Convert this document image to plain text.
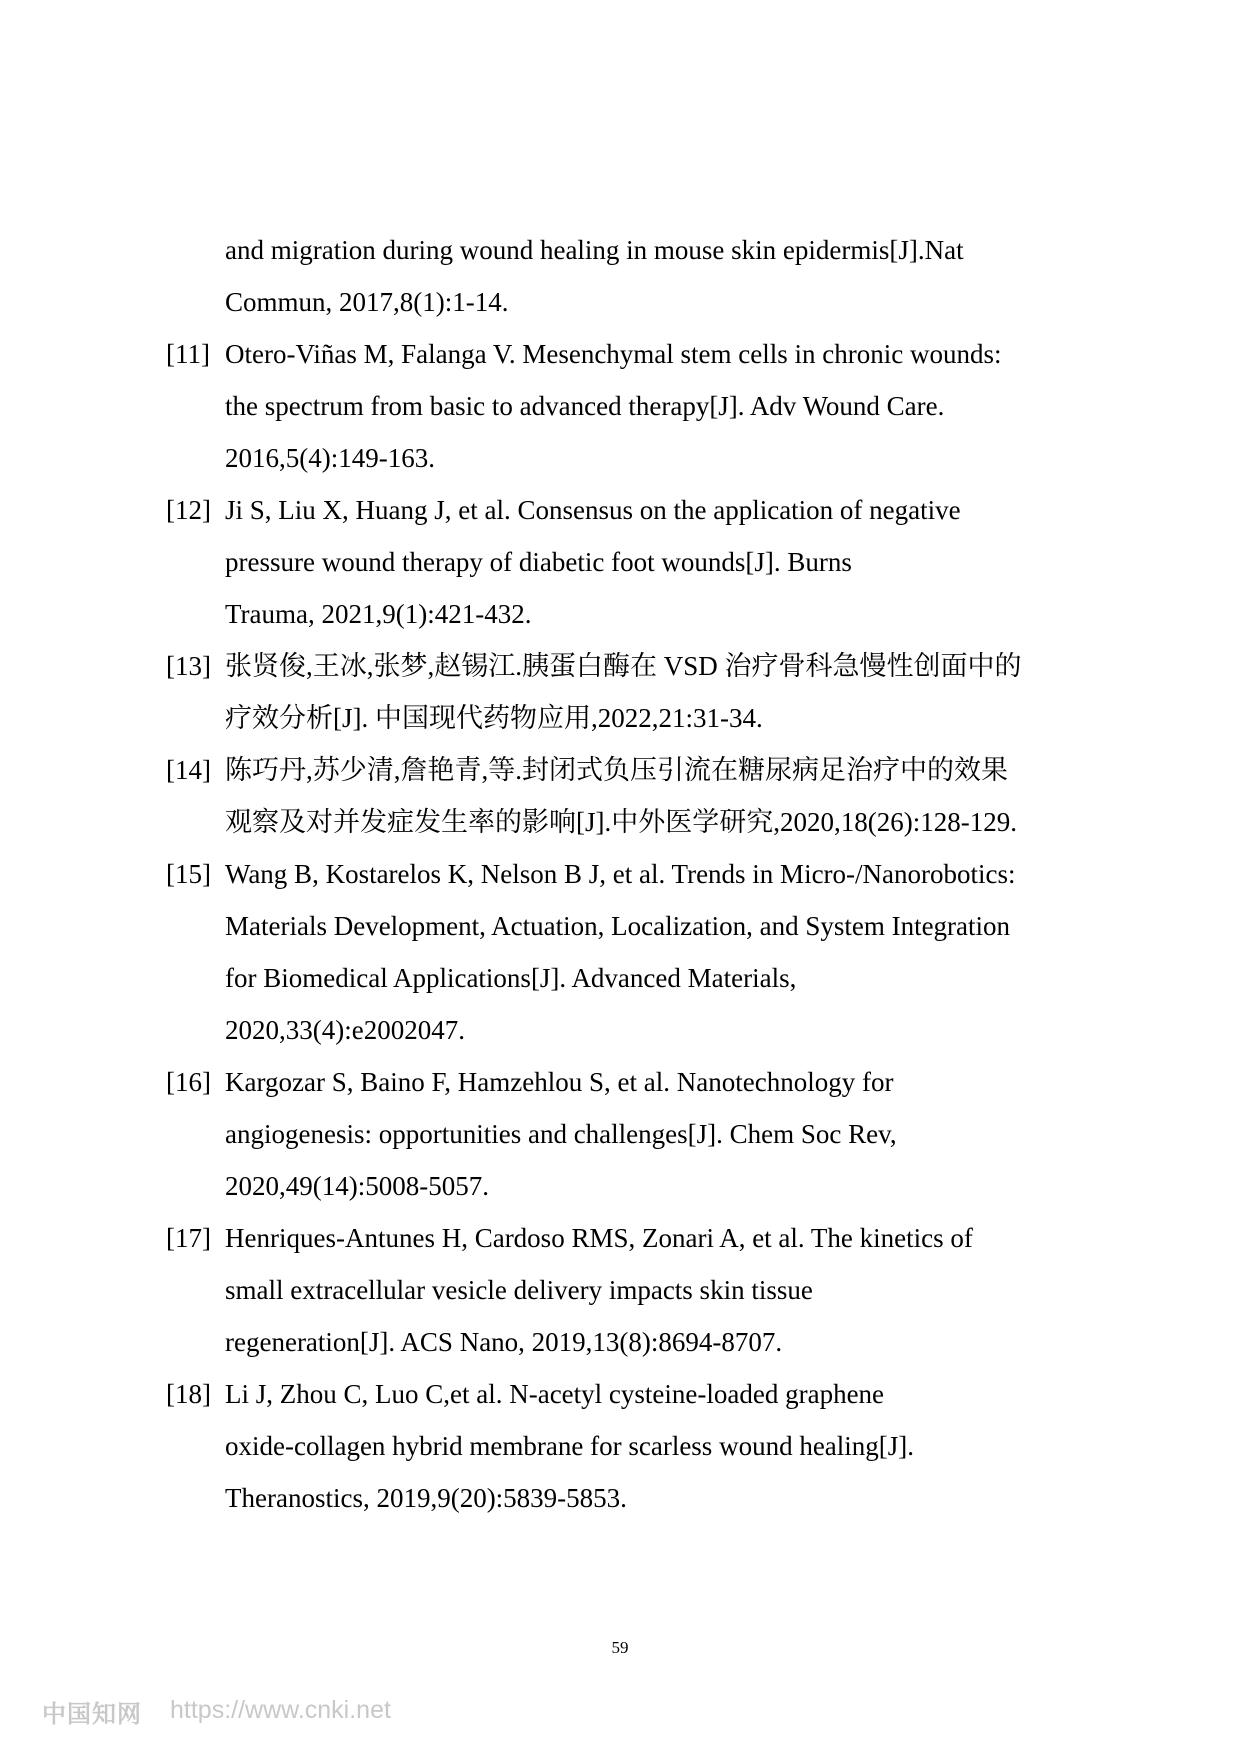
and migration during wound healing in mouse skin epidermis[J].Nat
Commun, 2017,8(1):1-14.
[11] Otero-Viñas M, Falanga V. Mesenchymal stem cells in chronic wounds:
the spectrum from basic to advanced therapy[J]. Adv Wound Care.
2016,5(4):149-163.
[12] Ji S, Liu X, Huang J, et al. Consensus on the application of negative
pressure wound therapy of diabetic foot wounds[J]. Burns
Trauma, 2021,9(1):421-432.
[13] 张贤俊,王冰,张梦,赵锡江.胰蛋白酶在 VSD 治疗骨科急慢性创面中的
疗效分析[J]. 中国现代药物应用,2022,21:31-34.
[14] 陈巧丹,苏少清,詹艳青,等.封闭式负压引流在糖尿病足治疗中的效果
观察及对并发症发生率的影响[J].中外医学研究,2020,18(26):128-129.
[15] Wang B, Kostarelos K, Nelson B J, et al. Trends in Micro-/Nanorobotics:
Materials Development, Actuation, Localization, and System Integration
for Biomedical Applications[J]. Advanced Materials,
2020,33(4):e2002047.
[16] Kargozar S, Baino F, Hamzehlou S, et al. Nanotechnology for
angiogenesis: opportunities and challenges[J]. Chem Soc Rev,
2020,49(14):5008-5057.
[17] Henriques-Antunes H, Cardoso RMS, Zonari A, et al. The kinetics of
small extracellular vesicle delivery impacts skin tissue
regeneration[J]. ACS Nano, 2019,13(8):8694-8707.
[18] Li J, Zhou C, Luo C,et al. N-acetyl cysteine-loaded graphene
oxide-collagen hybrid membrane for scarless wound healing[J].
Theranostics, 2019,9(20):5839-5853.
59
中国知网 https://www.cnki.net
